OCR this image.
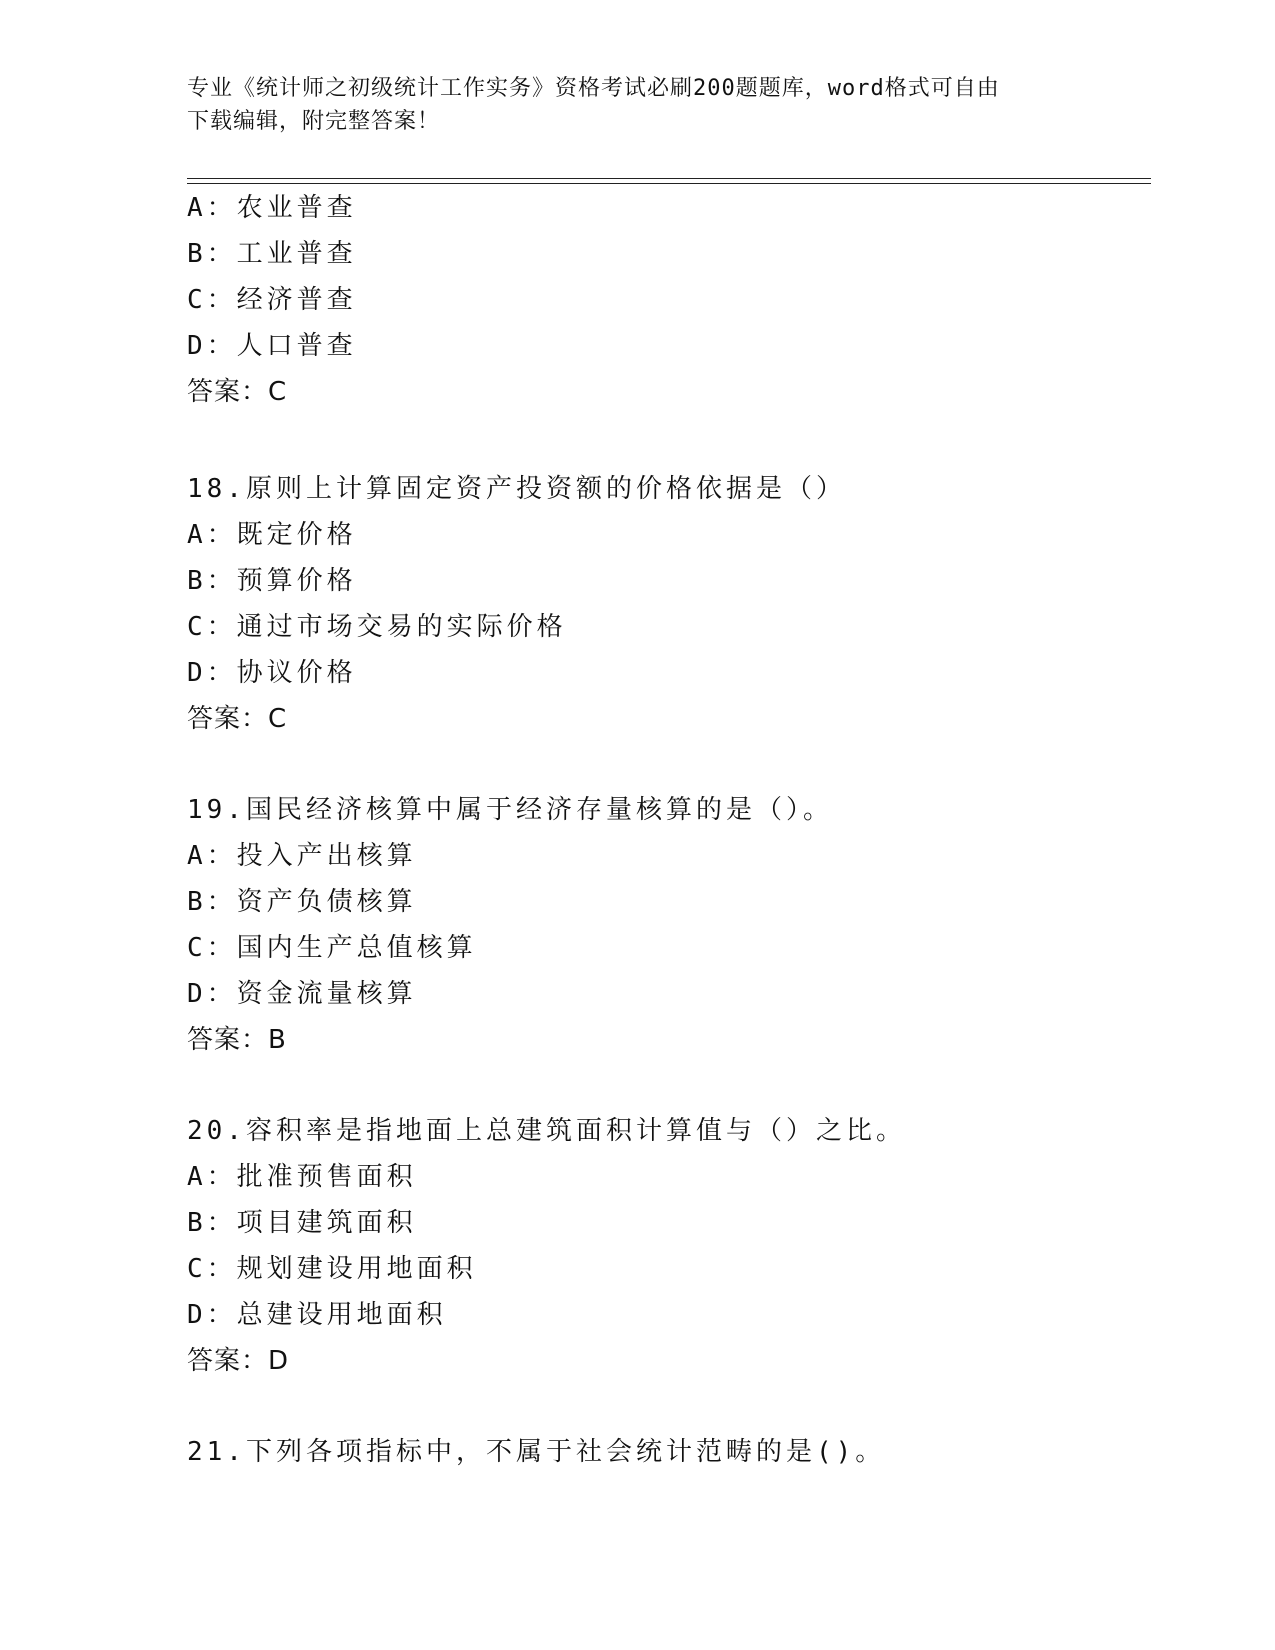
专业《统计师之初级统计工作实务》资格考试必刷200题题库，word格式可自由
下载编辑，附完整答案！
A：农业普查
B：工业普查
C：经济普查
D：人口普查
答案：C
18.原则上计算固定资产投资额的价格依据是（）
A：既定价格
B：预算价格
C：通过市场交易的实际价格
D：协议价格
答案：C
19.国民经济核算中属于经济存量核算的是（）。
A：投入产出核算
B：资产负债核算
C：国内生产总值核算
D：资金流量核算
答案：B
20.容积率是指地面上总建筑面积计算值与（）之比。
A：批准预售面积
B：项目建筑面积
C：规划建设用地面积
D：总建设用地面积
答案：D
21.下列各项指标中，不属于社会统计范畴的是()。
